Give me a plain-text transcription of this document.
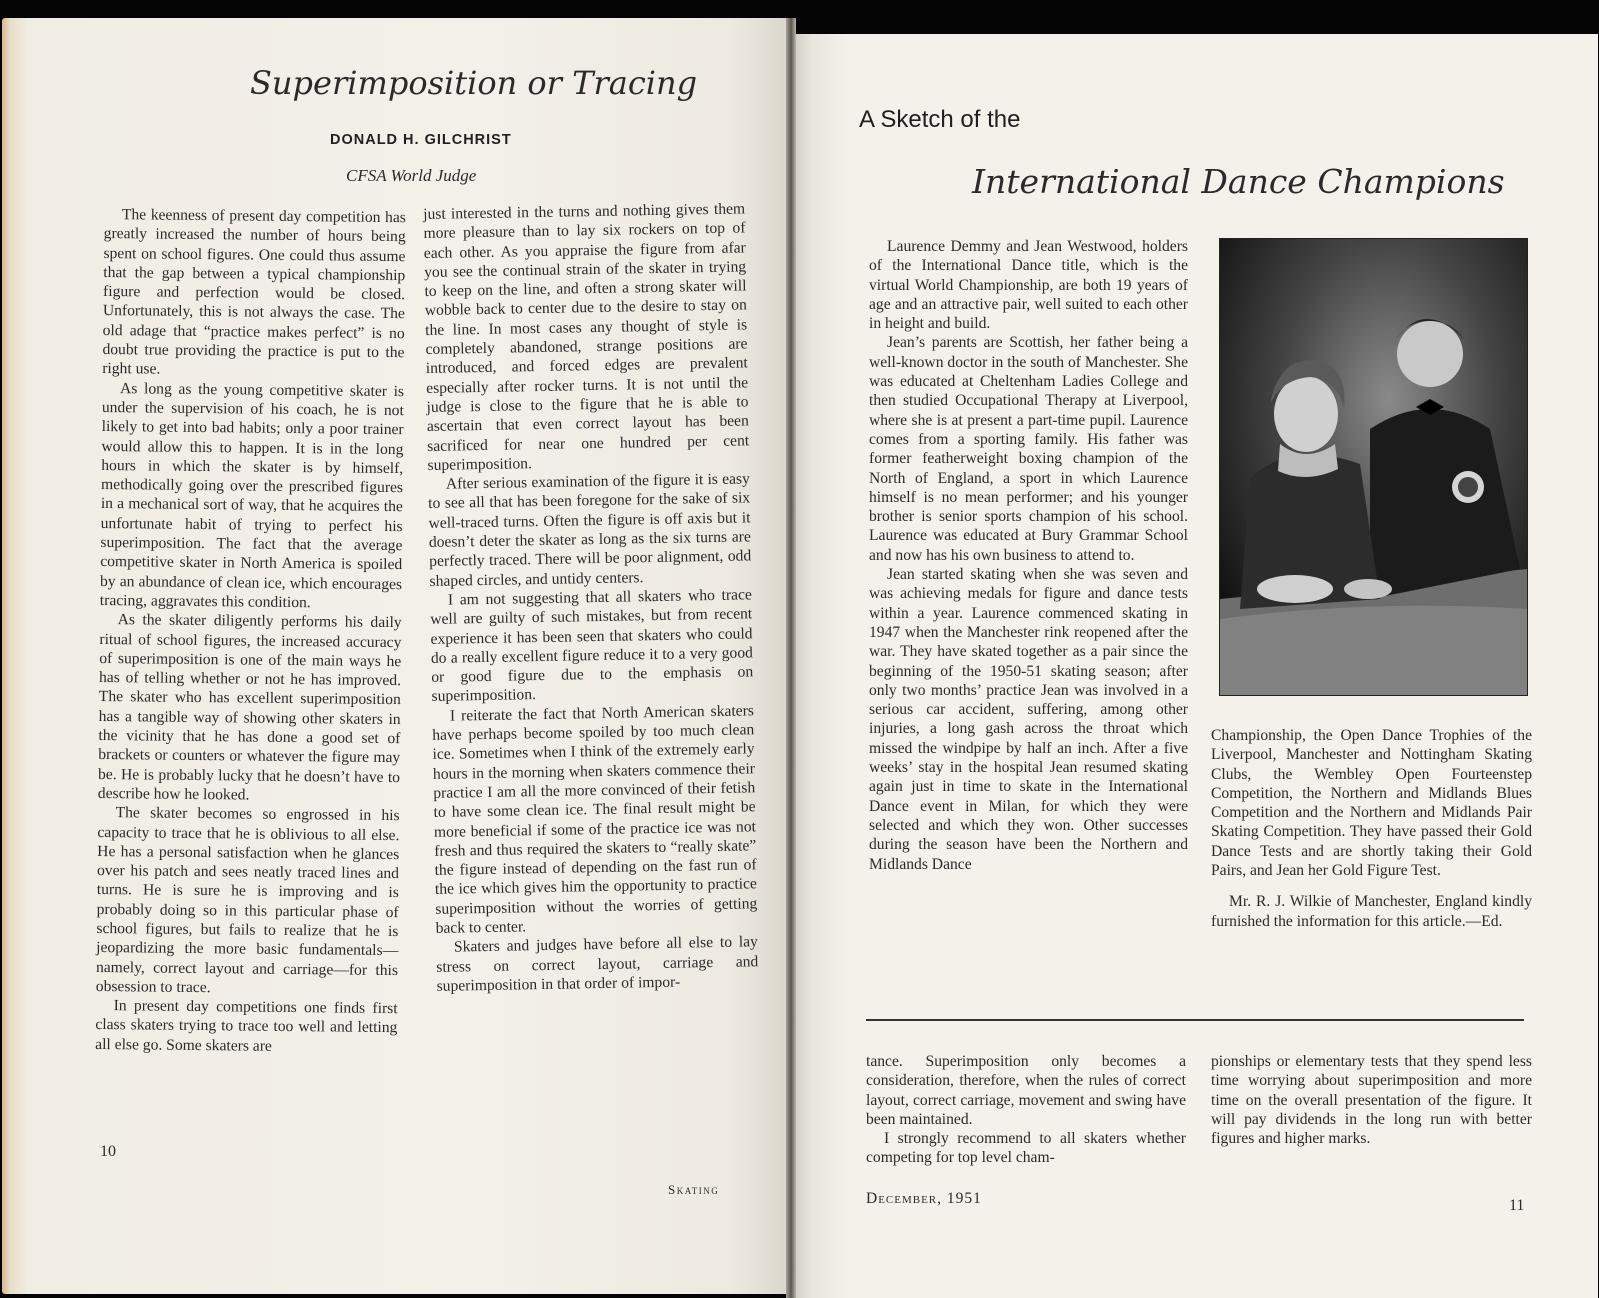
Superimposition or Tracing
DONALD H. GILCHRIST
CFSA World Judge

The keenness of present day competition has greatly increased the number of hours being spent on school figures. One could thus assume that the gap between a typical championship figure and perfection would be closed. Unfortunately, this is not always the case. The old adage that “practice makes perfect” is no doubt true providing the practice is put to the right use.

As long as the young competitive skater is under the supervision of his coach, he is not likely to get into bad habits; only a poor trainer would allow this to happen. It is in the long hours in which the skater is by himself, methodically going over the prescribed figures in a mechanical sort of way, that he acquires the unfortunate habit of trying to perfect his superimposition. The fact that the average competitive skater in North America is spoiled by an abundance of clean ice, which encourages tracing, aggravates this condition.

As the skater diligently performs his daily ritual of school figures, the increased accuracy of superimposition is one of the main ways he has of telling whether or not he has improved. The skater who has excellent superimposition has a tangible way of showing other skaters in the vicinity that he has done a good set of brackets or counters or whatever the figure may be. He is probably lucky that he doesn’t have to describe how he looked.

The skater becomes so engrossed in his capacity to trace that he is oblivious to all else. He has a personal satisfaction when he glances over his patch and sees neatly traced lines and turns. He is sure he is improving and is probably doing so in this particular phase of school figures, but fails to realize that he is jeopardizing the more basic fundamentals—namely, correct layout and carriage—for this obsession to trace.

In present day competitions one finds first class skaters trying to trace too well and letting all else go. Some skaters are

just interested in the turns and nothing gives them more pleasure than to lay six rockers on top of each other. As you appraise the figure from afar you see the continual strain of the skater in trying to keep on the line, and often a strong skater will wobble back to center due to the desire to stay on the line. In most cases any thought of style is completely abandoned, strange positions are introduced, and forced edges are prevalent especially after rocker turns. It is not until the judge is close to the figure that he is able to ascertain that even correct layout has been sacrificed for near one hundred per cent superimposition.

After serious examination of the figure it is easy to see all that has been foregone for the sake of six well-traced turns. Often the figure is off axis but it doesn’t deter the skater as long as the six turns are perfectly traced. There will be poor alignment, odd shaped circles, and untidy centers.

I am not suggesting that all skaters who trace well are guilty of such mistakes, but from recent experience it has been seen that skaters who could do a really excellent figure reduce it to a very good or good figure due to the emphasis on superimposition.

I reiterate the fact that North American skaters have perhaps become spoiled by too much clean ice. Sometimes when I think of the extremely early hours in the morning when skaters commence their practice I am all the more convinced of their fetish to have some clean ice. The final result might be more beneficial if some of the practice ice was not fresh and thus required the skaters to “really skate” the figure instead of depending on the fast run of the ice which gives him the opportunity to practice superimposition without the worries of getting back to center.

Skaters and judges have before all else to lay stress on correct layout, carriage and superimposition in that order of impor-

10
Skating
A Sketch of the
International Dance Champions

Laurence Demmy and Jean Westwood, holders of the International Dance title, which is the virtual World Championship, are both 19 years of age and an attractive pair, well suited to each other in height and build.

Jean’s parents are Scottish, her father being a well-known doctor in the south of Manchester. She was educated at Cheltenham Ladies College and then studied Occupational Therapy at Liverpool, where she is at present a part-time pupil. Laurence comes from a sporting family. His father was former featherweight boxing champion of the North of England, a sport in which Laurence himself is no mean performer; and his younger brother is senior sports champion of his school. Laurence was educated at Bury Grammar School and now has his own business to attend to.

Jean started skating when she was seven and was achieving medals for figure and dance tests within a year. Laurence commenced skating in 1947 when the Manchester rink reopened after the war. They have skated together as a pair since the beginning of the 1950-51 skating season; after only two months’ practice Jean was involved in a serious car accident, suffering, among other injuries, a long gash across the throat which missed the windpipe by half an inch. After a five weeks’ stay in the hospital Jean resumed skating again just in time to skate in the International Dance event in Milan, for which they were selected and which they won. Other successes during the season have been the Northern and Midlands Dance

Championship, the Open Dance Trophies of the Liverpool, Manchester and Nottingham Skating Clubs, the Wembley Open Fourteenstep Competition, the Northern and Midlands Blues Competition and the Northern and Midlands Pair Skating Competition. They have passed their Gold Dance Tests and are shortly taking their Gold Pairs, and Jean her Gold Figure Test.

Mr. R. J. Wilkie of Manchester, England kindly furnished the information for this article.—Ed.

tance. Superimposition only becomes a consideration, therefore, when the rules of correct layout, correct carriage, movement and swing have been maintained.

I strongly recommend to all skaters whether competing for top level cham-

pionships or elementary tests that they spend less time worrying about superimposition and more time on the overall presentation of the figure. It will pay dividends in the long run with better figures and higher marks.

December, 1951	11
